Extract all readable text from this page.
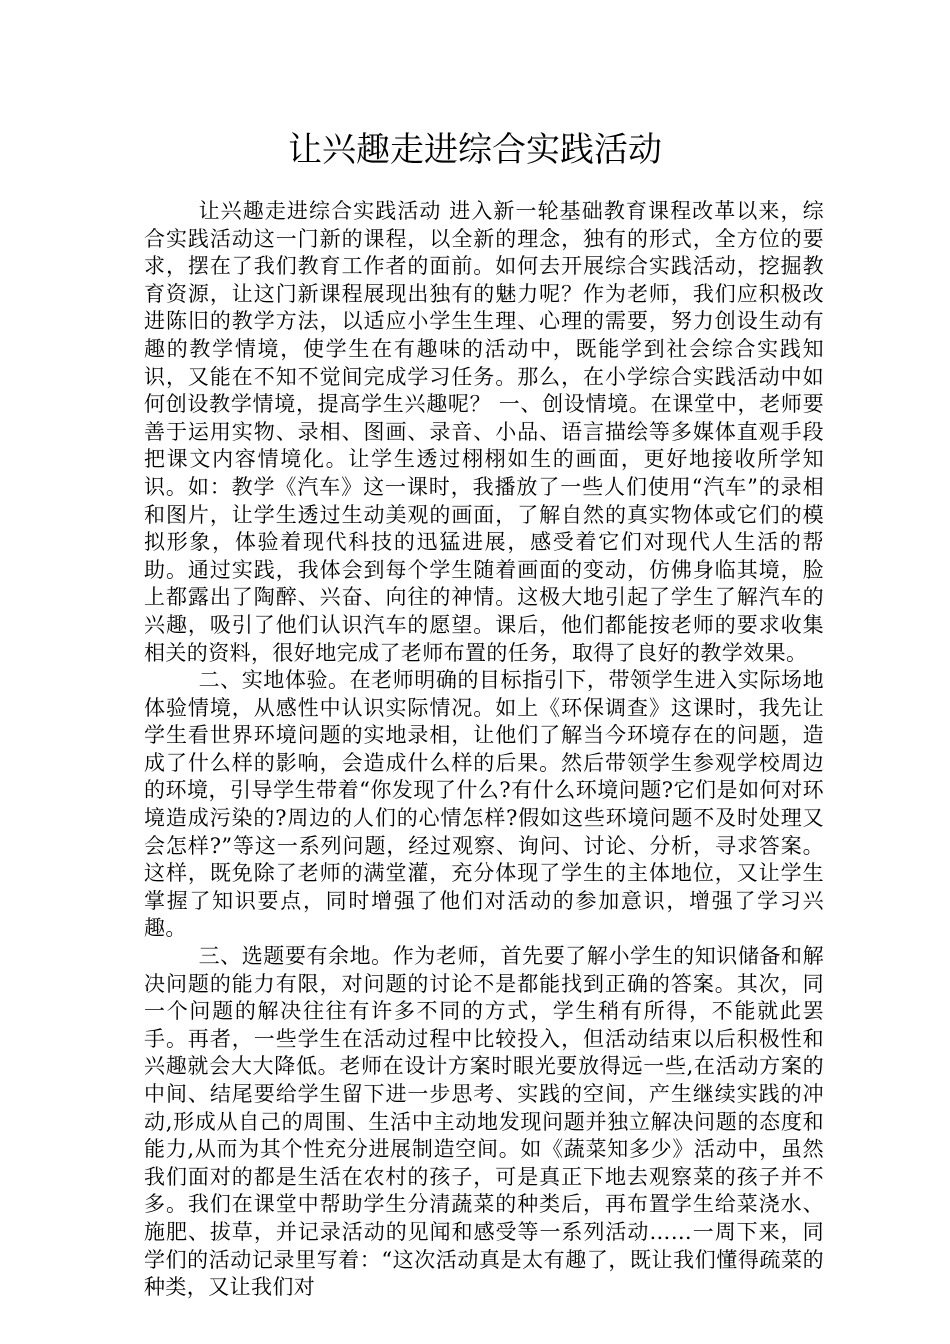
让兴趣走进综合实践活动

让兴趣走进综合实践活动 进入新一轮基础教育课程改革以来，综合实践活动这一门新的课程，以全新的理念，独有的形式，全方位的要求，摆在了我们教育工作者的面前。如何去开展综合实践活动，挖掘教育资源，让这门新课程展现出独有的魅力呢？作为老师，我们应积极改进陈旧的教学方法，以适应小学生生理、心理的需要，努力创设生动有趣的教学情境，使学生在有趣味的活动中，既能学到社会综合实践知识，又能在不知不觉间完成学习任务。那么，在小学综合实践活动中如何创设教学情境，提高学生兴趣呢？ 一、创设情境。在课堂中，老师要善于运用实物、录相、图画、录音、小品、语言描绘等多媒体直观手段把课文内容情境化。让学生透过栩栩如生的画面，更好地接收所学知识。如：教学《汽车》这一课时，我播放了一些人们使用“汽车”的录相和图片，让学生透过生动美观的画面，了解自然的真实物体或它们的模拟形象，体验着现代科技的迅猛进展，感受着它们对现代人生活的帮助。通过实践，我体会到每个学生随着画面的变动，仿佛身临其境，脸上都露出了陶醉、兴奋、向往的神情。这极大地引起了学生了解汽车的兴趣，吸引了他们认识汽车的愿望。课后，他们都能按老师的要求收集相关的资料，很好地完成了老师布置的任务，取得了良好的教学效果。

二、实地体验。在老师明确的目标指引下，带领学生进入实际场地体验情境，从感性中认识实际情况。如上《环保调查》这课时，我先让学生看世界环境问题的实地录相，让他们了解当今环境存在的问题，造成了什么样的影响，会造成什么样的后果。然后带领学生参观学校周边的环境，引导学生带着“你发现了什么?有什么环境问题?它们是如何对环境造成污染的?周边的人们的心情怎样?假如这些环境问题不及时处理又会怎样?”等这一系列问题，经过观察、询问、讨论、分析，寻求答案。这样，既免除了老师的满堂灌，充分体现了学生的主体地位，又让学生掌握了知识要点，同时增强了他们对活动的参加意识，增强了学习兴趣。

三、选题要有余地。作为老师，首先要了解小学生的知识储备和解决问题的能力有限，对问题的讨论不是都能找到正确的答案。其次，同一个问题的解决往往有许多不同的方式，学生稍有所得，不能就此罢手。再者，一些学生在活动过程中比较投入，但活动结束以后积极性和兴趣就会大大降低。老师在设计方案时眼光要放得远一些,在活动方案的中间、结尾要给学生留下进一步思考、实践的空间，产生继续实践的冲动,形成从自己的周围、生活中主动地发现问题并独立解决问题的态度和能力,从而为其个性充分进展制造空间。如《蔬菜知多少》活动中，虽然我们面对的都是生活在农村的孩子，可是真正下地去观察菜的孩子并不多。我们在课堂中帮助学生分清蔬菜的种类后，再布置学生给菜浇水、施肥、拔草，并记录活动的见闻和感受等一系列活动……一周下来，同学们的活动记录里写着：“这次活动真是太有趣了，既让我们懂得疏菜的种类，又让我们对
